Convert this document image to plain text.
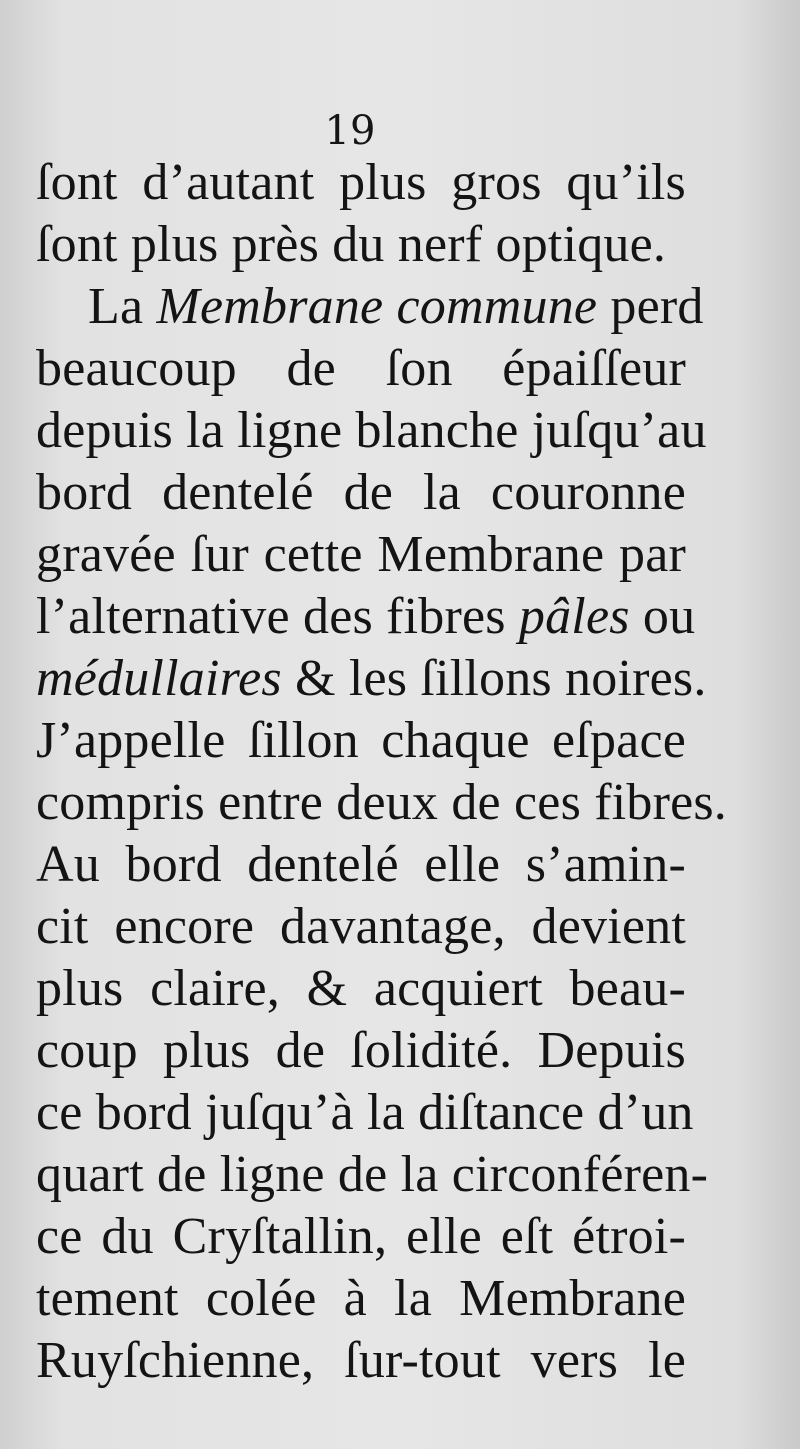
19

ſont d’autant plus gros qu’ils
ſont plus près du nerf optique.
La Membrane commune perd
beaucoup de ſon épaiſſeur
depuis la ligne blanche juſqu’au
bord dentelé de la couronne
gravée ſur cette Membrane par
l’alternative des fibres pâles ou
médullaires & les ſillons noires.
J’appelle ſillon chaque eſpace
compris entre deux de ces fibres.
Au bord dentelé elle s’amin-
cit encore davantage, devient
plus claire, & acquiert beau-
coup plus de ſolidité. Depuis
ce bord juſqu’à la diſtance d’un
quart de ligne de la circonféren-
ce du Cryſtallin, elle eſt étroi-
tement colée à la Membrane
Ruyſchienne, ſur-tout vers le
